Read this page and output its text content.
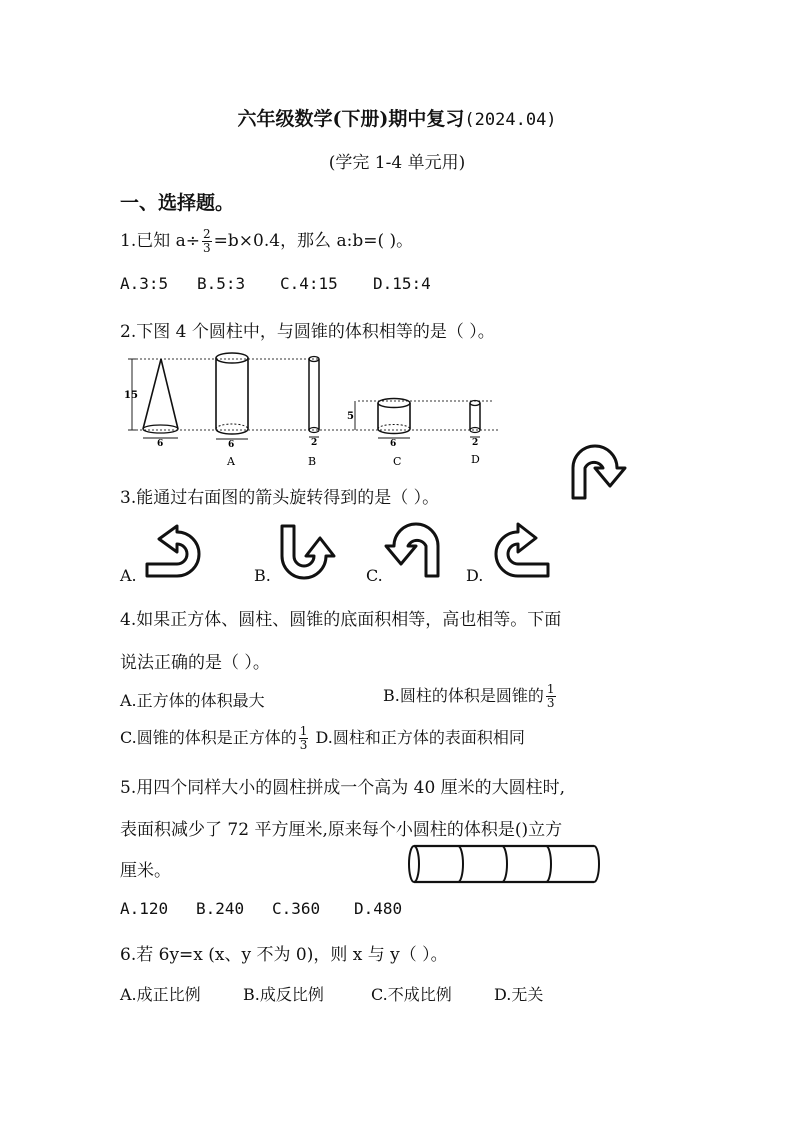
六年级数学(下册)期中复习(2024.04)
(学完 1-4 单元用)
一、选择题。
1.已知 $a\div \frac{2}{3} =b\times 0.4$，那么 a:b=( )。
A.3:5 B.5:3 C.4:15 D.15:4
2.下图 4 个圆柱中，与圆锥的体积相等的是（ ）。
15
5
6	6
A
2
B
6
C
2
D
3.能通过右面图的箭头旋转得到的是（ ）。
A.	B.	C.	D.
4.如果正方体、圆柱、圆锥的底面积相等，高也相等。下面
说法正确的是（ ）。
A.正方体的体积最大	B.圆柱的体积是圆锥的 $\frac{1}{3}$
C.圆锥的体积是正方体的 $\frac{1}{3} D$.圆柱和正方体的表面积相同
5.用四个同样大小的圆柱拼成一个高为 40 厘米的大圆柱时,
表面积减少了 72 平方厘米,原来每个小圆柱的体积是()立方
厘米。
A.120 B.240 C.360 D.480
6.若 6y=x (x、y 不为 0)，则 x 与 y（ ）。
A.成正比例	B.成反比例	C.不成比例	D.无关
